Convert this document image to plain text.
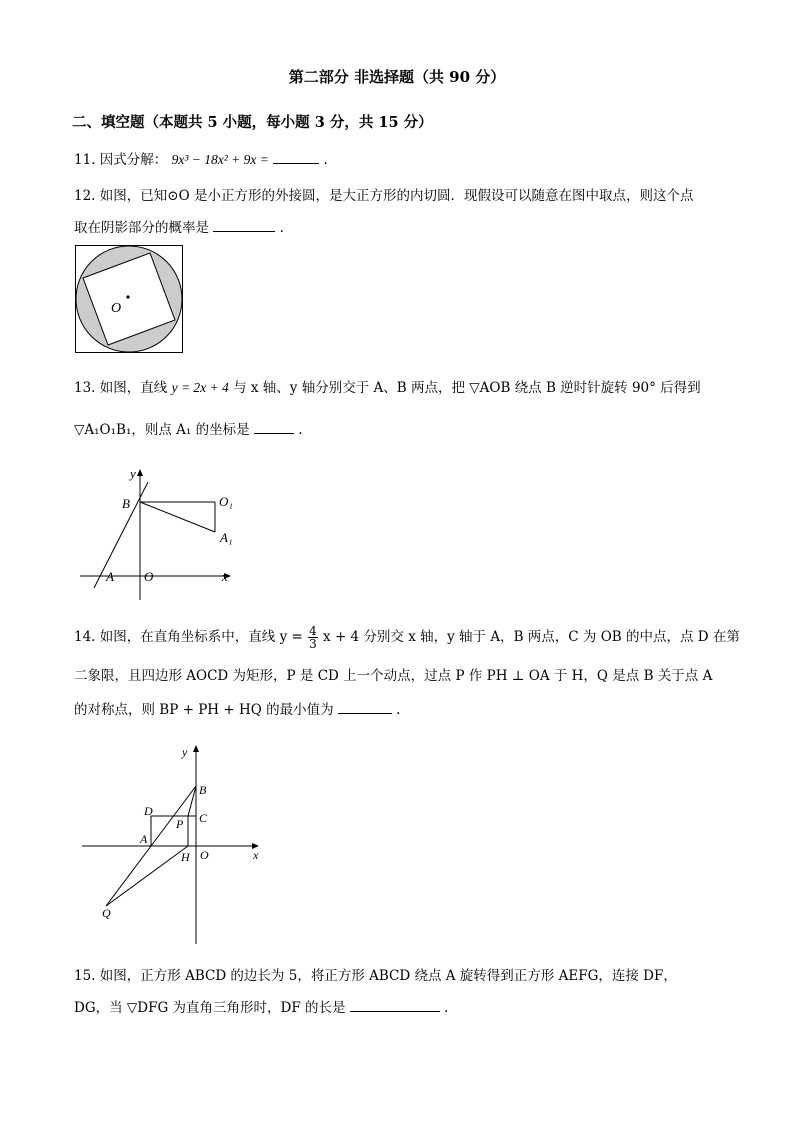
第二部分 非选择题（共 90 分）
二、填空题（本题共 5 小题，每小题 3 分，共 15 分）
11. 因式分解： 9x³ − 18x² + 9x =	.
12. 如图，已知⊙O 是小正方形的外接圆，是大正方形的内切圆．现假设可以随意在图中取点，则这个点
取在阴影部分的概率是	.
O
13. 如图，直线 y = 2x + 4 与 x 轴、y 轴分别交于 A、B 两点，把 ▽AOB 绕点 B 逆时针旋转 90° 后得到
▽A₁O₁B₁，则点 A₁ 的坐标是	.
y
x
B	O₁
A₁
A O
14. 如图，在直角坐标系中，直线 $y = \frac{4}{3}$ x + 4 分别交 x 轴，y 轴于 A，B 两点，C 为 OB 的中点，点 D 在第
二象限，且四边形 AOCD 为矩形，P 是 CD 上一个动点，过点 P 作 PH ⊥ OA 于 H，Q 是点 B 关于点 A
的对称点，则 BP + PH + HQ 的最小值为	.
y
x
B
D	C
P
A
H O
Q
15. 如图，正方形 ABCD 的边长为 5，将正方形 ABCD 绕点 A 旋转得到正方形 AEFG，连接 DF，
DG，当 ▽DFG 为直角三角形时，DF 的长是	.
